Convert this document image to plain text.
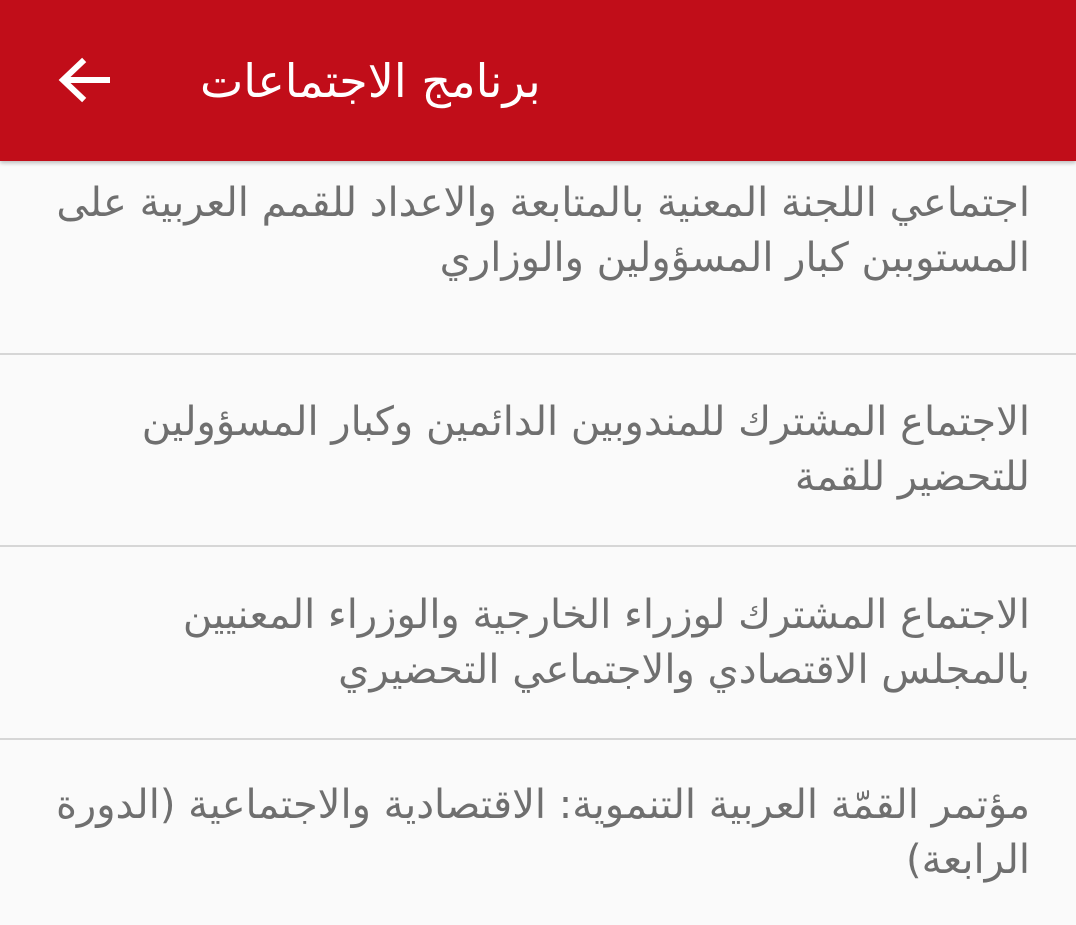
برنامج الاجتماعات
اجتماعي اللجنة المعنية بالمتابعة والاعداد للقمم العربية على المستوببن كبار المسؤولين والوزاري
الاجتماع المشترك للمندوبين الدائمين وكبار المسؤولين للتحضير للقمة
الاجتماع المشترك لوزراء الخارجية والوزراء المعنيين بالمجلس الاقتصادي والاجتماعي التحضيري
مؤتمر القمّة العربية التنموية: الاقتصادية والاجتماعية (الدورة الرابعة)
